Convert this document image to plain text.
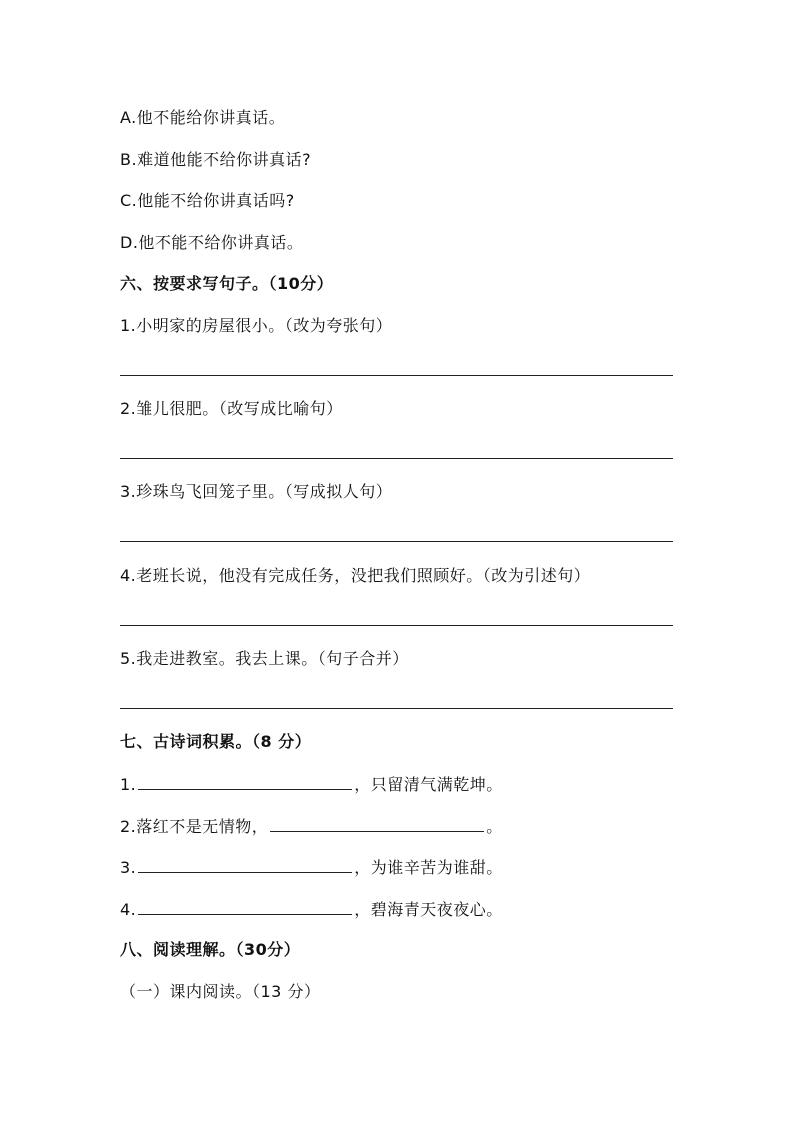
A.他不能给你讲真话。
B.难道他能不给你讲真话?
C.他能不给你讲真话吗?
D.他不能不给你讲真话。
六、按要求写句子。（10分）
1.小明家的房屋很小。（改为夸张句）
2.雏儿很肥。（改写成比喻句）
3.珍珠鸟飞回笼子里。（写成拟人句）
4.老班长说，他没有完成任务，没把我们照顾好。（改为引述句）
5.我走进教室。我去上课。（句子合并）
七、古诗词积累。（8 分）
1.	，只留清气满乾坤。
2.落红不是无情物，	。
3.	，为谁辛苦为谁甜。
4.	，碧海青天夜夜心。
八、阅读理解。（30分）
（一）课内阅读。（13 分）
